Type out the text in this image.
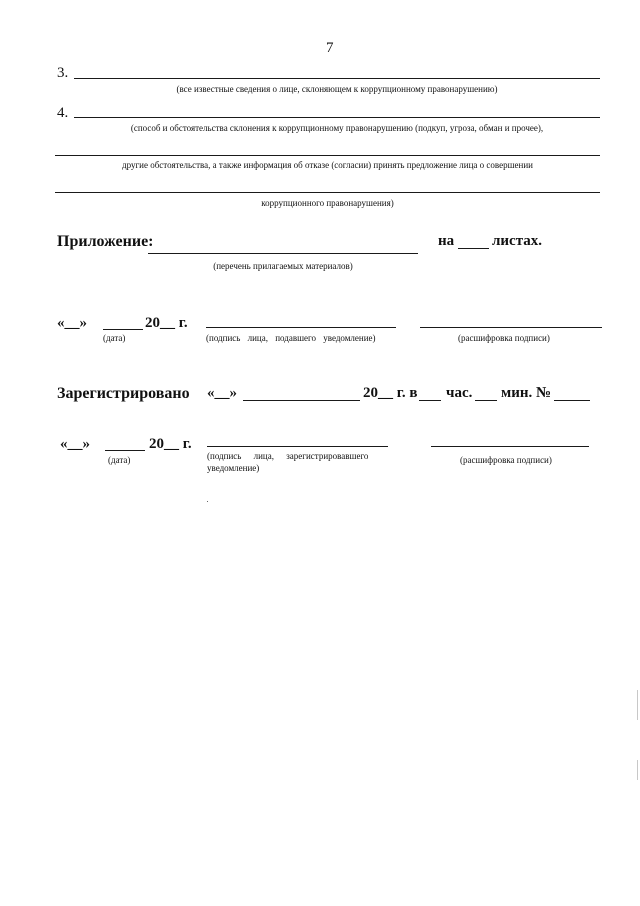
7
3.
(все известные сведения о лице, склоняющем к коррупционному правонарушению)
4.
(способ и обстоятельства склонения к коррупционному правонарушению (подкуп, угроза, обман и прочее),
другие обстоятельства, а также информация об отказе (согласии) принять предложение лица о совершении
коррупционного правонарушения)
Приложение:
(перечень прилагаемых материалов)
на	листах.
«__»	20__ г.
(дата)	(подпись лица, подавшего уведомление)	(расшифровка подписи)
Зарегистрировано «__»	20__ г. в час. мин. №
«__»	20__ г.
(дата)	(подпись лица, зарегистрировавшего
уведомление)
(расшифровка подписи)
